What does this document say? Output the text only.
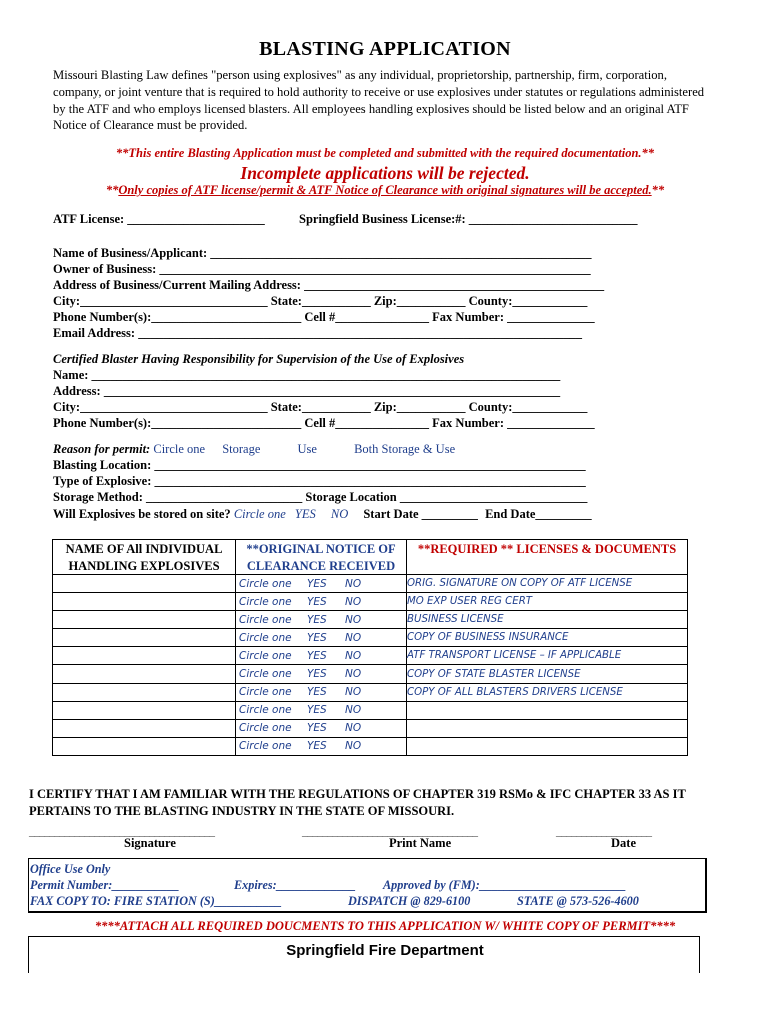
BLASTING APPLICATION
Missouri Blasting Law defines "person using explosives" as any individual, proprietorship, partnership, firm, corporation, company, or joint venture that is required to hold authority to receive or use explosives under statutes or regulations administered by the ATF and who employs licensed blasters. All employees handling explosives should be listed below and an original ATF Notice of Clearance must be provided.
**This entire Blasting Application must be completed and submitted with the required documentation.**
Incomplete applications will be rejected.
**Only copies of ATF license/permit & ATF Notice of Clearance with original signatures will be accepted.**
ATF License: ______________________	Springfield Business License:#: ___________________________
Name of Business/Applicant: _____________________________________________________________
Owner of Business: _____________________________________________________________________
Address of Business/Current Mailing Address: ________________________________________________
City:______________________________ State:___________ Zip:___________ County:____________
Phone Number(s):________________________ Cell #_______________ Fax Number: ______________
Email Address: _______________________________________________________________________
Certified Blaster Having Responsibility for Supervision of the Use of Explosives
Name: ___________________________________________________________________________
Address: _________________________________________________________________________
City:______________________________ State:___________ Zip:___________ County:____________
Phone Number(s):________________________ Cell #_______________ Fax Number: ______________
Reason for permit: Circle one Storage	Use	Both Storage & Use
Blasting Location: _____________________________________________________________________
Type of Explosive: _____________________________________________________________________
Storage Method: _________________________ Storage Location ______________________________
Will Explosives be stored on site? Circle one YES NO Start Date _________ End Date_________
NAME OF All INDIVIDUAL HANDLING EXPLOSIVES	**ORIGINAL NOTICE OF CLEARANCE RECEIVED	**REQUIRED ** LICENSES & DOCUMENTS
	Circle one YES NO	ORIG. SIGNATURE ON COPY OF ATF LICENSE
	Circle one YES NO	MO EXP USER REG CERT
	Circle one YES NO	BUSINESS LICENSE
	Circle one YES NO	COPY OF BUSINESS INSURANCE
	Circle one YES NO	ATF TRANSPORT LICENSE – IF APPLICABLE
	Circle one YES NO	COPY OF STATE BLASTER LICENSE
	Circle one YES NO	COPY OF ALL BLASTERS DRIVERS LICENSE
	Circle one YES NO	
	Circle one YES NO	
	Circle one YES NO	
I CERTIFY THAT I AM FAMILIAR WITH THE REGULATIONS OF CHAPTER 319 RSMo & IFC CHAPTER 33 AS IT PERTAINS TO THE BLASTING INDUSTRY IN THE STATE OF MISSOURI.
_____________________________________	___________________________________	___________________
Signature	Print Name	Date
Office Use Only
Permit Number:___________	Expires:_____________ Approved by (FM):________________________
FAX COPY TO: FIRE STATION (S)___________	DISPATCH @ 829-6100	STATE @ 573-526-4600
****ATTACH ALL REQUIRED DOUCMENTS TO THIS APPLICATION W/ WHITE COPY OF PERMIT****
Springfield Fire Department
